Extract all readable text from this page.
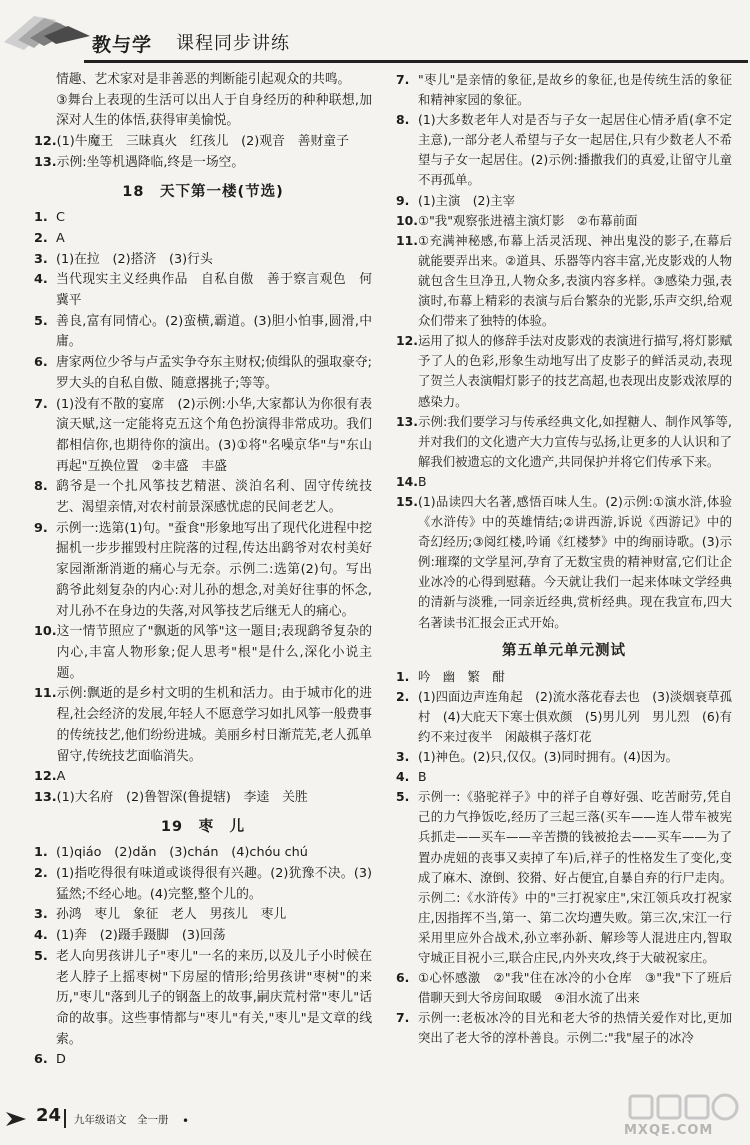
教与学 课程同步讲练
情趣、艺术家对是非善恶的判断能引起观众的共鸣。
③舞台上表现的生活可以出人于自身经历的种种联想,加深对人生的体悟,获得审美愉悦。
12. (1)牛魔王　三昧真火　红孩儿　(2)观音　善财童子
13. 示例:坐等机遇降临,终是一场空。
18　天下第一楼(节选)
1. C
2. A
3. (1)在拉　(2)搭济　(3)行头
4. 当代现实主义经典作品　自私自傲　善于察言观色　何冀平
5. 善良,富有同情心。(2)蛮横,霸道。(3)胆小怕事,圆滑,中庸。
6. 唐家两位少爷与卢孟实争夺东主财权;侦缉队的强取豪夺;罗大头的自私自傲、随意撂挑子;等等。
7. (1)没有不散的宴席　(2)示例:小华,大家都认为你很有表演天赋,这一定能将克五这个角色扮演得非常成功。我们都相信你,也期待你的演出。(3)①将"名噪京华"与"东山再起"互换位置　②丰盛　丰盛
8. 鹞爷是一个扎风筝技艺精湛、淡泊名利、固守传统技艺、渴望亲情,对农村前景深感忧虑的民间老艺人。
9. 示例一:选第(1)句。"蚕食"形象地写出了现代化进程中挖掘机一步步摧毁村庄院落的过程,传达出鹞爷对农村美好家园渐渐消逝的痛心与无奈。示例二:选第(2)句。写出鹞爷此刻复杂的内心:对儿孙的想念,对美好往事的怀念,对儿孙不在身边的失落,对风筝技艺后继无人的痛心。
10. 这一情节照应了"飘逝的风筝"这一题目;表现鹞爷复杂的内心,丰富人物形象;促人思考"根"是什么,深化小说主题。
11. 示例:飘逝的是乡村文明的生机和活力。由于城市化的进程,社会经济的发展,年轻人不愿意学习如扎风筝一般费事的传统技艺,他们纷纷进城。美丽乡村日渐荒芜,老人孤单留守,传统技艺面临消失。
12. A
13. (1)大名府　(2)鲁智深(鲁提辖)　李逵　关胜
19　枣　儿
1. (1)qiáo　(2)dǎn　(3)chán　(4)chóu chú
2. (1)指吃得很有味道或谈得很有兴趣。(2)犹豫不决。(3)猛然;不经心地。(4)完整,整个儿的。
3. 孙鸿　枣儿　象征　老人　男孩儿　枣儿
4. (1)奔　(2)蹑手蹑脚　(3)回荡
5. 老人向男孩讲儿子"枣儿"一名的来历,以及儿子小时候在老人脖子上摇枣树"下房屋的情形;给男孩讲"枣树"的来历,"枣儿"落到儿子的钢盔上的故事,嗣庆荒村常"枣儿"话命的故事。这些事情都与"枣儿"有关,"枣儿"是文章的线索。
6. D
7. "枣儿"是亲情的象征,是故乡的象征,也是传统生活的象征和精神家园的象征。
8. (1)大多数老年人对是否与子女一起居住心情矛盾(拿不定主意),一部分老人希望与子女一起居住,只有少数老人不希望与子女一起居住。(2)示例:播撒我们的真爱,让留守儿童不再孤单。
9. (1)主演　(2)主宰
10. ①"我"观察张进禧主演灯影　②布幕前面
11. ①充满神秘感,布幕上活灵活现、神出鬼没的影子,在幕后就能要弄出来。②道具、乐器等内容丰富,光皮影戏的人物就包含生旦净丑,人物众多,表演内容多样。③感染力强,表演时,布幕上精彩的表演与后台繁杂的光影,乐声交织,给观众们带来了独特的体验。
12. 运用了拟人的修辞手法对皮影戏的表演进行描写,将灯影赋予了人的色彩,形象生动地写出了皮影子的鲜活灵动,表现了贺兰人表演帽灯影子的技艺高超,也表现出皮影戏浓厚的感染力。
13. 示例:我们要学习与传承经典文化,如捏糖人、制作风筝等,并对我们的文化遗产大力宣传与弘扬,让更多的人认识和了解我们被遗忘的文化遗产,共同保护并将它们传承下来。
14. B
15. (1)品读四大名著,感悟百味人生。(2)示例:①演水浒,体验《水浒传》中的英雄情结;②讲西游,诉说《西游记》中的奇幻经历;③阅红楼,吟诵《红楼梦》中的绚丽诗歌。(3)示例:璀璨的文学星河,孕育了无数宝贵的精神财富,它们让企业冰冷的心得到慰藉。今天就让我们一起来体味文学经典的清新与淡雅,一同亲近经典,赏析经典。现在我宣布,四大名著读书汇报会正式开始。
第五单元单元测试
1. 吟　幽　繁　酣
2. (1)四面边声连角起　(2)流水落花春去也　(3)淡烟衰草孤村　(4)大庇天下寒士俱欢颜　(5)男儿列　男儿烈　(6)有约不来过夜半　闲敲棋子落灯花
3. (1)神色。(2)只,仅仅。(3)同时拥有。(4)因为。
4. B
5. 示例一:《骆驼祥子》中的祥子自尊好强、吃苦耐劳,凭自己的力气挣饭吃,经历了三起三落(买车——连人带车被宪兵抓走——买车——辛苦攒的钱被抢去——买车——为了置办虎妞的丧事又卖掉了车)后,祥子的性格发生了变化,变成了麻木、潦倒、狡猾、好占便宜,自暴自弃的行尸走肉。示例二:《水浒传》中的"三打祝家庄",宋江领兵攻打祝家庄,因指挥不当,第一、第二次均遭失败。第三次,宋江一行采用里应外合战术,孙立率孙新、解珍等人混进庄内,智取守城正目祝小三,联合庄民,内外夹攻,终于大破祝家庄。
6. ①心怀感激　②"我"住在冰冷的小仓库　③"我"下了班后借聊天到大爷房间取暖　④泪水流了出来
7. 示例一:老板冰冷的目光和老大爷的热情关爱作对比,更加突出了老大爷的淳朴善良。示例二:"我"屋子的冰冷
24 九年级语文　全一册 •
MXQE.COM
